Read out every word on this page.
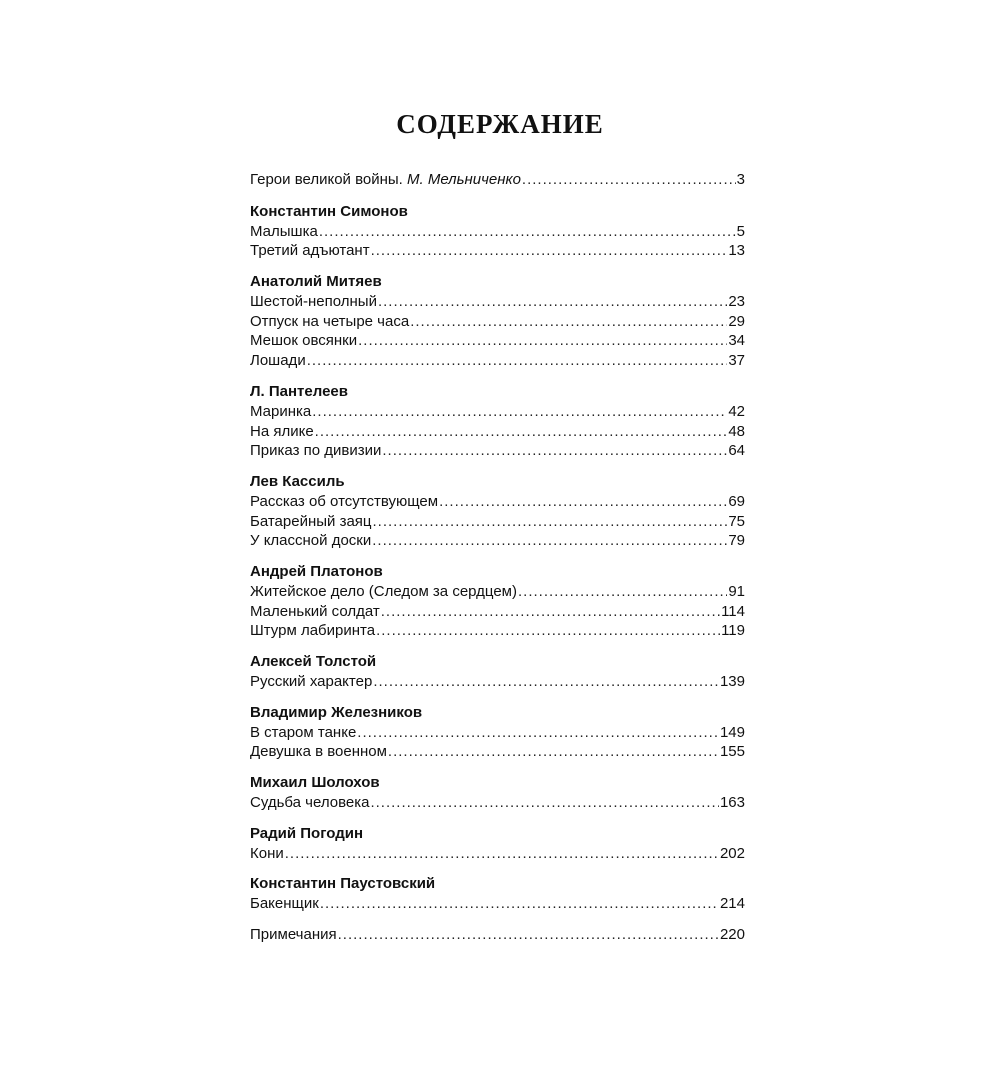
СОДЕРЖАНИЕ
Герои великой войны. М. Мельниченко .....	3
Константин Симонов
Малышка .....	5
Третий адъютант .....	13
Анатолий Митяев
Шестой-неполный .....	23
Отпуск на четыре часа .....	29
Мешок овсянки .....	34
Лошади .....	37
Л. Пантелеев
Маринка .....	42
На ялике .....	48
Приказ по дивизии .....	64
Лев Кассиль
Рассказ об отсутствующем .....	69
Батарейный заяц .....	75
У классной доски .....	79
Андрей Платонов
Житейское дело (Следом за сердцем) .....	91
Маленький солдат .....	114
Штурм лабиринта .....	119
Алексей Толстой
Русский характер .....	139
Владимир Железников
В старом танке .....	149
Девушка в военном .....	155
Михаил Шолохов
Судьба человека .....	163
Радий Погодин
Кони .....	202
Константин Паустовский
Бакенщик .....	214
Примечания .....	220
